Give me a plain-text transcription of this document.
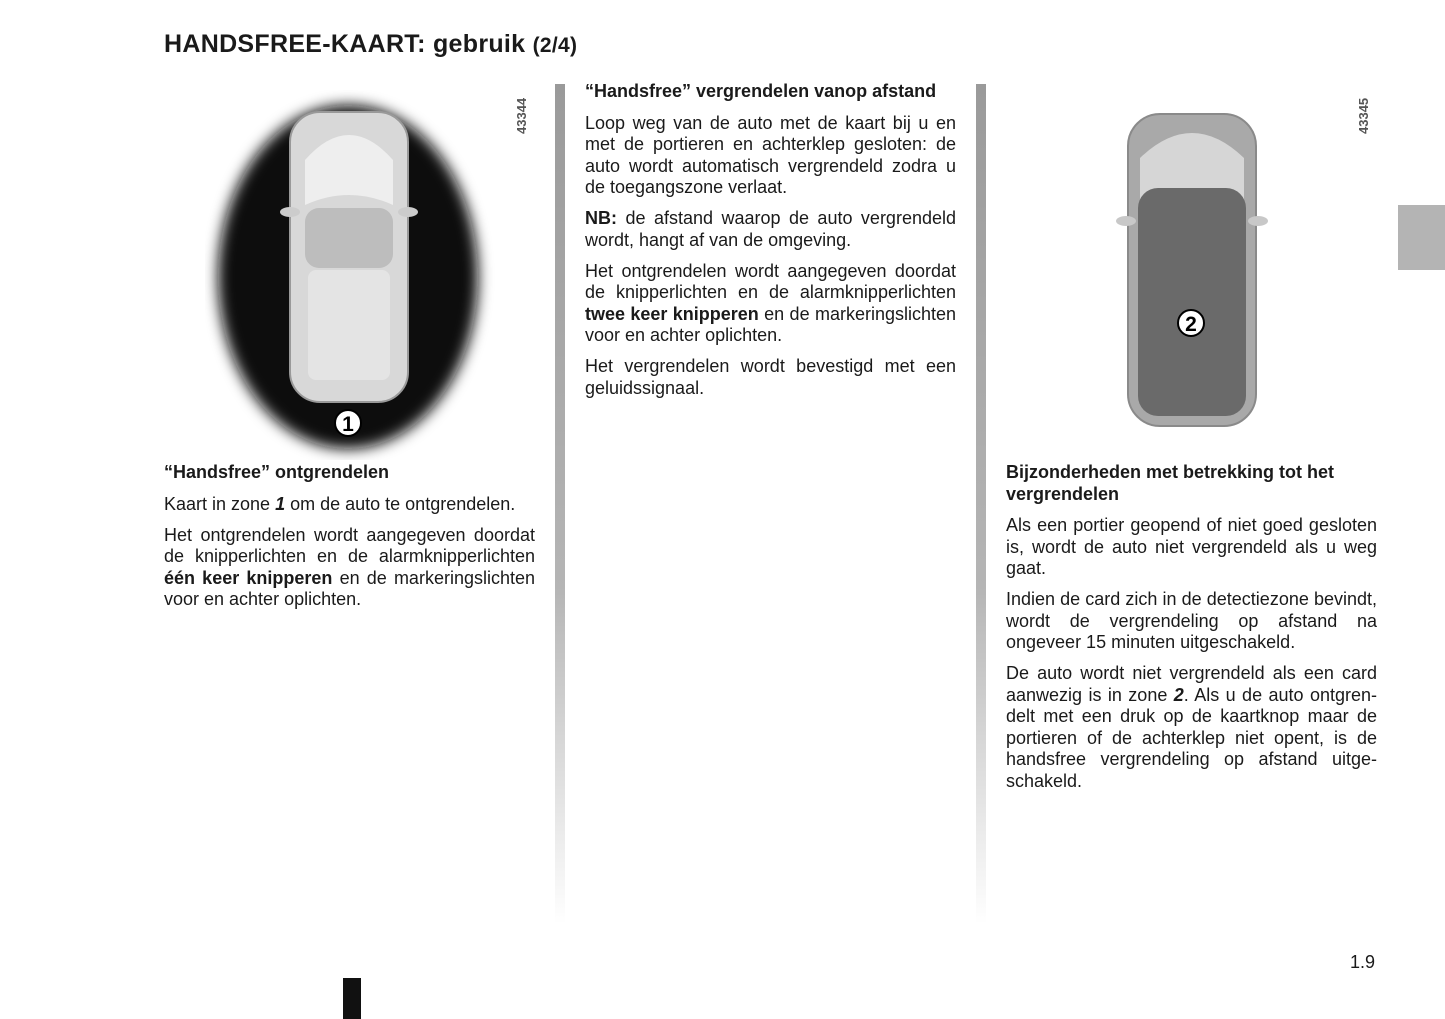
HANDSFREE-KAART: gebruik (2/4)
1
43344
2
43345
“Handsfree” ontgrendelen

Kaart in zone 1 om de auto te ontgrendelen.

Het ontgrendelen wordt aangegeven doordat de knipperlichten en de alarmknipperlichten één keer knipperen en de markeringslichten voor en achter oplichten.

“Handsfree” vergrendelen vanop afstand

Loop weg van de auto met de kaart bij u en met de portieren en achterklep gesloten: de auto wordt automatisch vergrendeld zodra u de toegangszone verlaat.

NB: de afstand waarop de auto vergrendeld wordt, hangt af van de omgeving.

Het ontgrendelen wordt aangegeven doordat de knipperlichten en de alarmknipperlichten twee keer knipperen en de markeringslichten voor en achter oplichten.

Het vergrendelen wordt bevestigd met een geluidssignaal.

Bijzonderheden met betrekking tot het vergrendelen

Als een portier geopend of niet goed gesloten is, wordt de auto niet vergrendeld als u weg gaat.

Indien de card zich in de detectiezone bevindt, wordt de vergrendeling op afstand na ongeveer 15 minuten uitgeschakeld.

De auto wordt niet vergrendeld als een card aanwezig is in zone 2. Als u de auto ontgrendelt met een druk op de kaartknop maar de portieren of de achterklep niet opent, is de handsfree vergrendeling op afstand uitgeschakeld.

1.9
